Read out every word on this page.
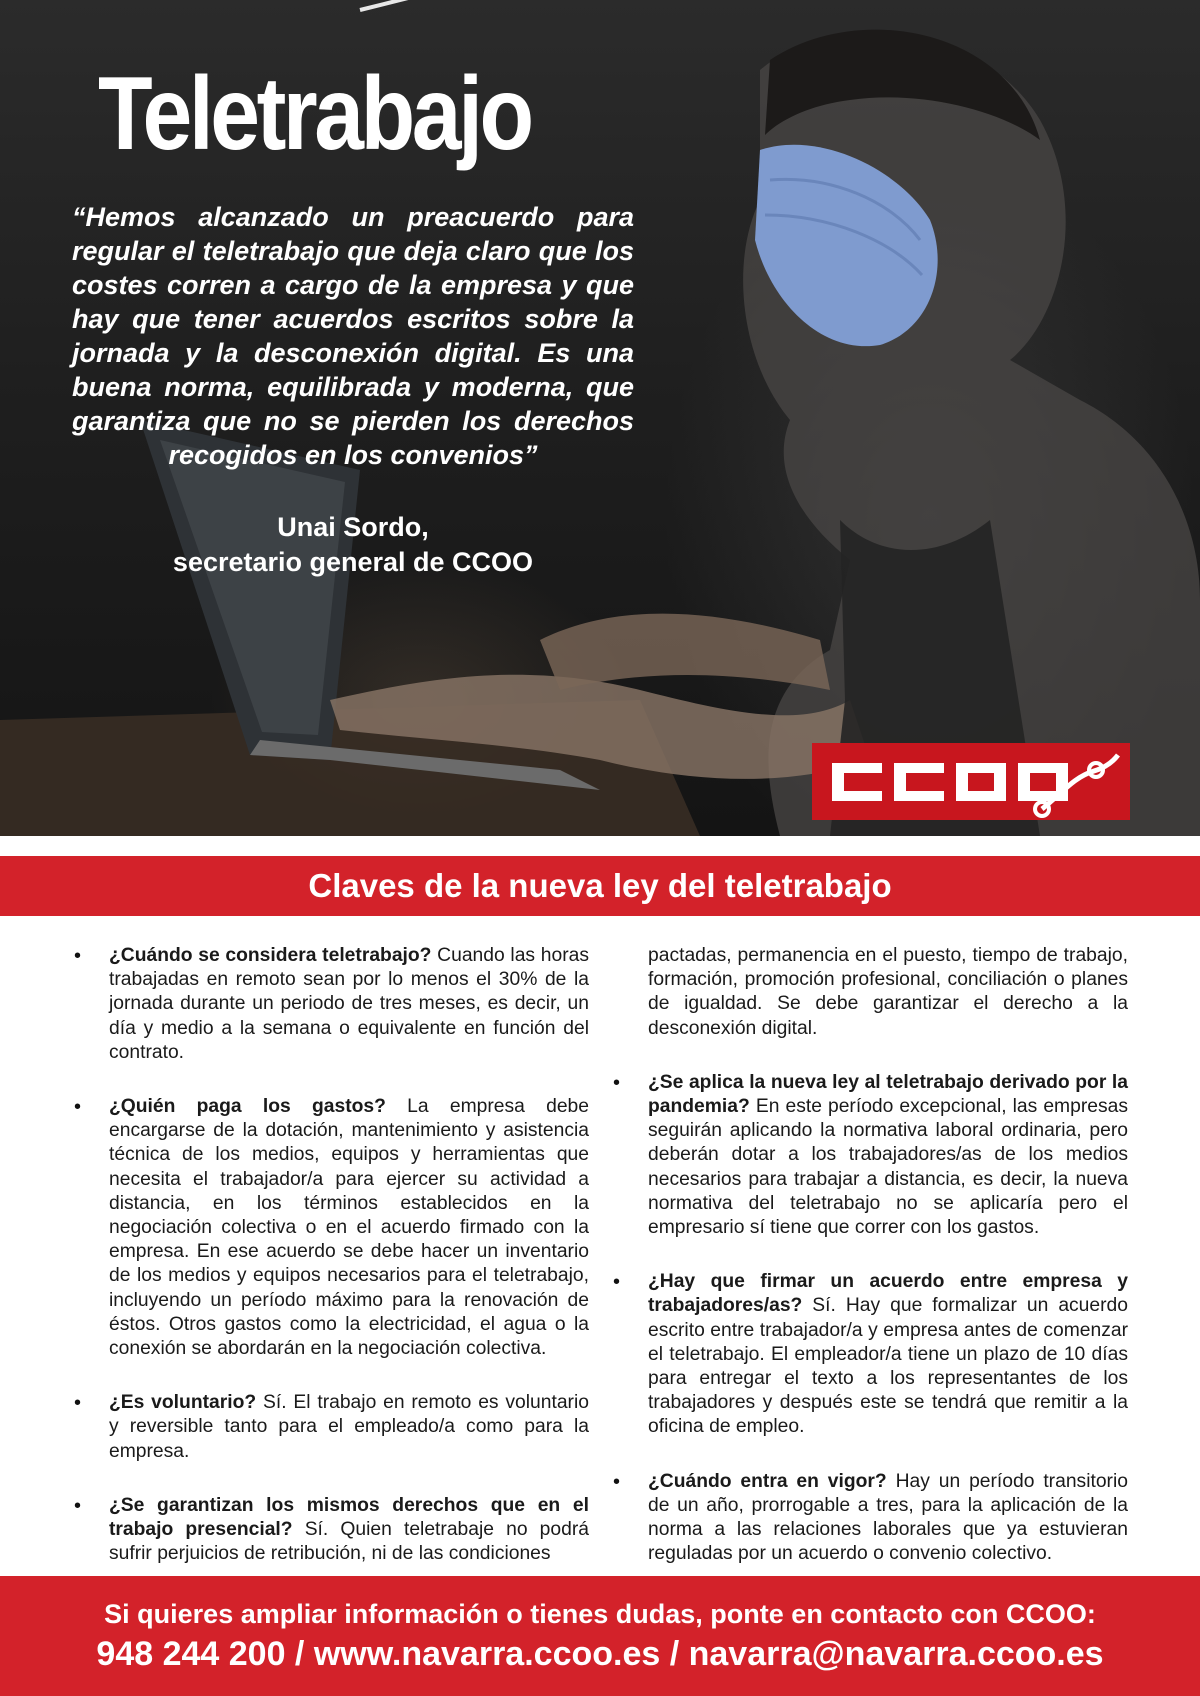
Teletrabajo
“Hemos alcanzado un preacuerdo para regular el teletrabajo que deja claro que los costes corren a cargo de la empresa y que hay que tener acuerdos escritos sobre la jornada y la desconexión digital. Es una buena norma, equilibrada y moderna, que garantiza que no se pierden los derechos recogidos en los convenios”
Unai Sordo,
secretario general de CCOO
Claves de la nueva ley del teletrabajo
• ¿Cuándo se considera teletrabajo? Cuando las horas trabajadas en remoto sean por lo menos el 30% de la jornada durante un periodo de tres meses, es decir, un día y medio a la semana o equivalente en función del contrato.
• ¿Quién paga los gastos? La empresa debe encargarse de la dotación, mantenimiento y asistencia técnica de los medios, equipos y herramientas que necesita el trabajador/a para ejercer su actividad a distancia, en los términos establecidos en la negociación colectiva o en el acuerdo firmado con la empresa. En ese acuerdo se debe hacer un inventario de los medios y equipos necesarios para el teletrabajo, incluyendo un período máximo para la renovación de éstos. Otros gastos como la electricidad, el agua o la conexión se abordarán en la negociación colectiva.
• ¿Es voluntario? Sí. El trabajo en remoto es voluntario y reversible tanto para el empleado/a como para la empresa.
• ¿Se garantizan los mismos derechos que en el trabajo presencial? Sí. Quien teletrabaje no podrá sufrir perjuicios de retribución, ni de las condiciones
pactadas, permanencia en el puesto, tiempo de trabajo, formación, promoción profesional, conciliación o planes de igualdad. Se debe garantizar el derecho a la desconexión digital.
• ¿Se aplica la nueva ley al teletrabajo derivado por la pandemia? En este período excepcional, las empresas seguirán aplicando la normativa laboral ordinaria, pero deberán dotar a los trabajadores/as de los medios necesarios para trabajar a distancia, es decir, la nueva normativa del teletrabajo no se aplicaría pero el empresario sí tiene que correr con los gastos.
• ¿Hay que firmar un acuerdo entre empresa y trabajadores/as? Sí. Hay que formalizar un acuerdo escrito entre trabajador/a y empresa antes de comenzar el teletrabajo. El empleador/a tiene un plazo de 10 días para entregar el texto a los representantes de los trabajadores y después este se tendrá que remitir a la oficina de empleo.
• ¿Cuándo entra en vigor? Hay un período transitorio de un año, prorrogable a tres, para la aplicación de la norma a las relaciones laborales que ya estuvieran reguladas por un acuerdo o convenio colectivo.
Si quieres ampliar información o tienes dudas, ponte en contacto con CCOO:
948 244 200 / www.navarra.ccoo.es / navarra@navarra.ccoo.es
